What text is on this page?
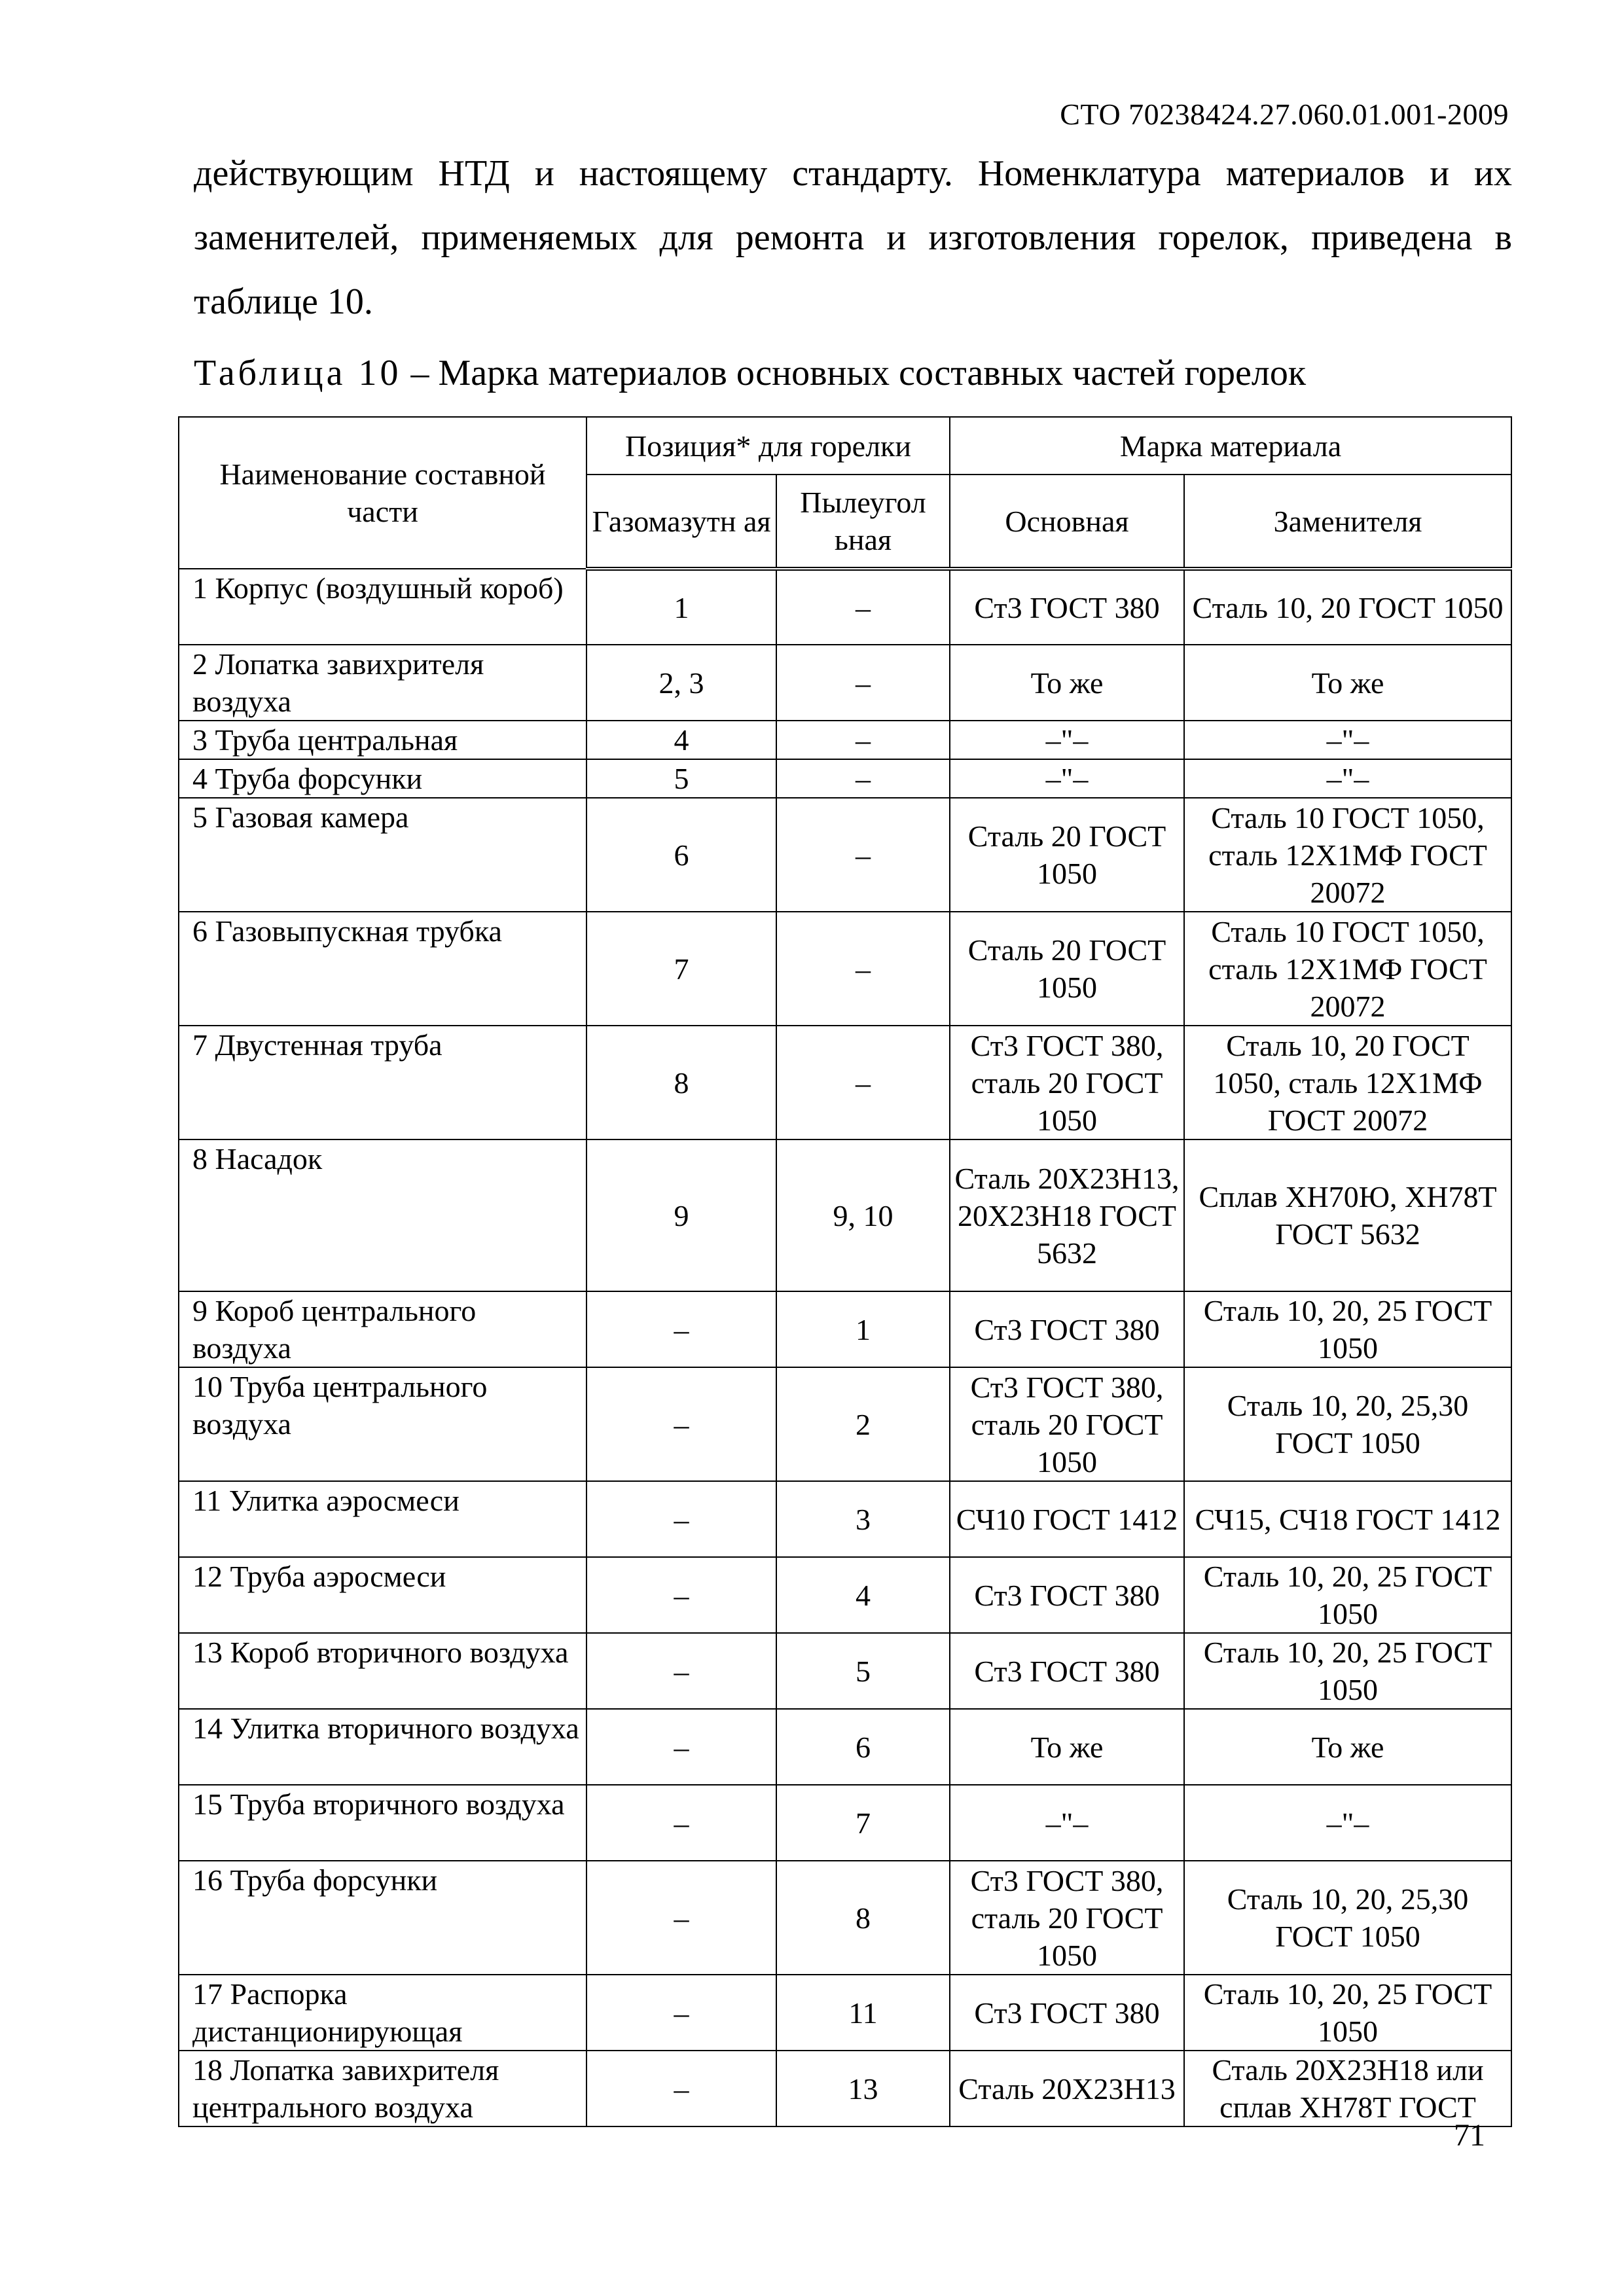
СТО 70238424.27.060.01.001-2009
действующим НТД и настоящему стандарту. Номенклатура материалов и их
заменителей, применяемых для ремонта и изготовления горелок, приведена в
таблице 10.
Таблица 10 – Марка материалов основных составных частей горелок
Наименование составной части	Позиция* для горелки		Марка материала	
	Газомазутн ая	Пылеугол ьная	Основная	Заменителя
1 Корпус (воздушный короб)	1	–	Ст3 ГОСТ 380	Сталь 10, 20 ГОСТ 1050
2 Лопатка завихрителя воздуха	2, 3	–	То же	То же
3 Труба центральная	4	–	–"–	–"–
4 Труба форсунки	5	–	–"–	–"–
5 Газовая камера	6	–	Сталь 20 ГОСТ 1050	Сталь 10 ГОСТ 1050, сталь 12Х1МФ ГОСТ 20072
6 Газовыпускная трубка	7	–	Сталь 20 ГОСТ 1050	Сталь 10 ГОСТ 1050, сталь 12Х1МФ ГОСТ 20072
7 Двустенная труба	8	–	Ст3 ГОСТ 380, сталь 20 ГОСТ 1050	Сталь 10, 20 ГОСТ 1050, сталь 12Х1МФ ГОСТ 20072
8 Насадок	9	9, 10	Сталь 20Х23Н13, 20Х23Н18 ГОСТ 5632	Сплав ХН70Ю, ХН78Т ГОСТ 5632
9 Короб центрального воздуха	–	1	Ст3 ГОСТ 380	Сталь 10, 20, 25 ГОСТ 1050
10 Труба центрального воздуха	–	2	Ст3 ГОСТ 380, сталь 20 ГОСТ 1050	Сталь 10, 20, 25,30 ГОСТ 1050
11 Улитка аэросмеси	–	3	СЧ10 ГОСТ 1412	СЧ15, СЧ18 ГОСТ 1412
12 Труба аэросмеси	–	4	Ст3 ГОСТ 380	Сталь 10, 20, 25 ГОСТ 1050
13 Короб вторичного воздуха	–	5	Ст3 ГОСТ 380	Сталь 10, 20, 25 ГОСТ 1050
14 Улитка вторичного воздуха	–	6	То же	То же
15 Труба вторичного воздуха	–	7	–"–	–"–
16 Труба форсунки	–	8	Ст3 ГОСТ 380, сталь 20 ГОСТ 1050	Сталь 10, 20, 25,30 ГОСТ 1050
17 Распорка дистанционирующая	–	11	Ст3 ГОСТ 380	Сталь 10, 20, 25 ГОСТ 1050
18 Лопатка завихрителя центрального воздуха	–	13	Сталь 20Х23Н13	Сталь 20Х23Н18 или сплав ХН78Т ГОСТ
71
